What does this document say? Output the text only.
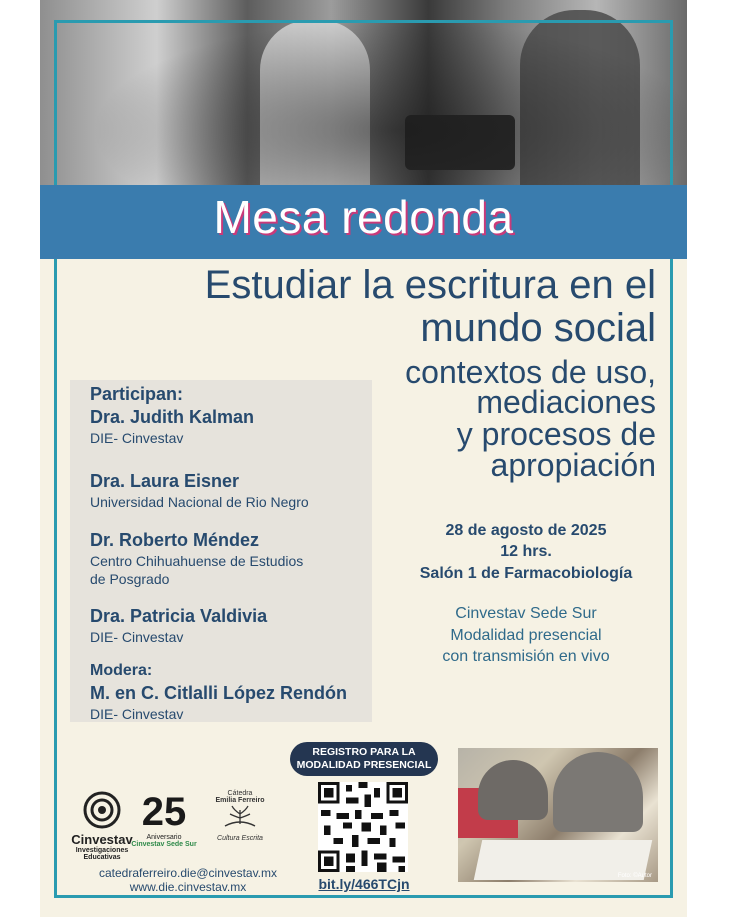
Mesa redonda
Estudiar la escritura en el
mundo social
contextos de uso,
mediaciones
y procesos de
apropiación
Participan:
Dra. Judith Kalman
DIE- Cinvestav
Dra. Laura Eisner
Universidad Nacional de Rio Negro
Dr. Roberto Méndez
Centro Chihuahuense de Estudios
de Posgrado
Dra. Patricia Valdivia
DIE- Cinvestav
Modera:
M. en C. Citlalli López Rendón
DIE- Cinvestav
28 de agosto de 2025
12 hrs.
Salón 1 de Farmacobiología
Cinvestav Sede Sur
Modalidad presencial
con transmisión en vivo
REGISTRO PARA LA
MODALIDAD PRESENCIAL
bit.ly/466TCjn	Foto: ©Autor
Cinvestav
Investigaciones
Educativas
25
Aniversario
Cinvestav Sede Sur
Cátedra
Emilia Ferreiro
Cultura Escrita
catedraferreiro.die@cinvestav.mx
www.die.cinvestav.mx
